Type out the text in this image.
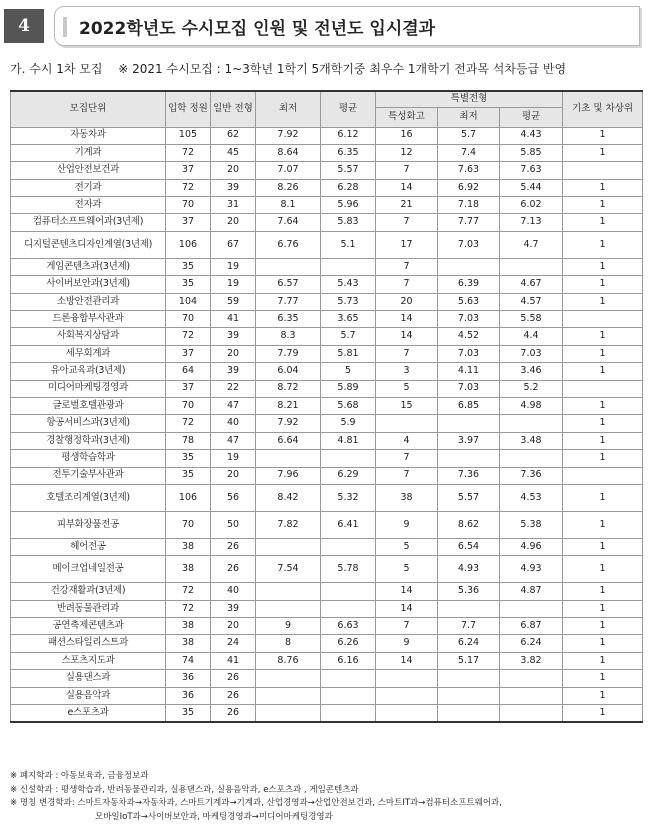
4	2022학년도 수시모집 인원 및 전년도 입시결과
가. 수시 1차 모집 ※ 2021 수시모집 : 1~3학년 1학기 5개학기중 최우수 1개학기 전과목 석차등급 반영
모집단위	입학 정원	일반 전형	최저	평균	특별전형			기초 및 차상위
					특성화고	최저	평균	
자동차과	105	62	7.92	6.12	16	5.7	4.43	1
기계과	72	45	8.64	6.35	12	7.4	5.85	1
산업안전보건과	37	20	7.07	5.57	7	7.63	7.63	
전기과	72	39	8.26	6.28	14	6.92	5.44	1
전자과	70	31	8.1	5.96	21	7.18	6.02	1
컴퓨터소프트웨어과(3년제)	37	20	7.64	5.83	7	7.77	7.13	1
디지털콘텐츠디자인계열(3년제)	106	67	6.76	5.1	17	7.03	4.7	1
게임콘텐츠과(3년제)	35	19			7			1
사이버보안과(3년제)	35	19	6.57	5.43	7	6.39	4.67	1
소방안전관리과	104	59	7.77	5.73	20	5.63	4.57	1
드론융합부사관과	70	41	6.35	3.65	14	7.03	5.58	
사회복지상담과	72	39	8.3	5.7	14	4.52	4.4	1
세무회계과	37	20	7.79	5.81	7	7.03	7.03	1
유아교육과(3년제)	64	39	6.04	5	3	4.11	3.46	1
미디어마케팅경영과	37	22	8.72	5.89	5	7.03	5.2	
글로벌호텔관광과	70	47	8.21	5.68	15	6.85	4.98	1
항공서비스과(3년제)	72	40	7.92	5.9				1
경찰행정학과(3년제)	78	47	6.64	4.81	4	3.97	3.48	1
평생학습학과	35	19			7			1
전투기술부사관과	35	20	7.96	6.29	7	7.36	7.36	
호텔조리계열(3년제)	106	56	8.42	5.32	38	5.57	4.53	1
피부화장품전공	70	50	7.82	6.41	9	8.62	5.38	1
헤어전공	38	26			5	6.54	4.96	1
메이크업네일전공	38	26	7.54	5.78	5	4.93	4.93	1
건강재활과(3년제)	72	40			14	5.36	4.87	1
반려동물관리과	72	39			14			1
공연축제콘텐츠과	38	20	9	6.63	7	7.7	6.87	1
패션스타일리스트과	38	24	8	6.26	9	6.24	6.24	1
스포츠지도과	74	41	8.76	6.16	14	5.17	3.82	1
실용댄스과	36	26						1
실용음악과	36	26						1
e스포츠과	35	26						1
※ 폐지학과 : 아동보육과, 금융정보과
※ 신설학과 : 평생학습과, 반려동물관리과, 실용댄스과, 실용음악과, e스포츠과 , 게임콘텐츠과
※ 명칭 변경학과: 스마트자동차과→자동차과, 스마트기계과→기계과, 산업경영과→산업안전보건과, 스마트IT과→컴퓨터소프트웨어과,
모바일IoT과→사이버보안과, 마케팅경영과→미디어마케팅경영과
